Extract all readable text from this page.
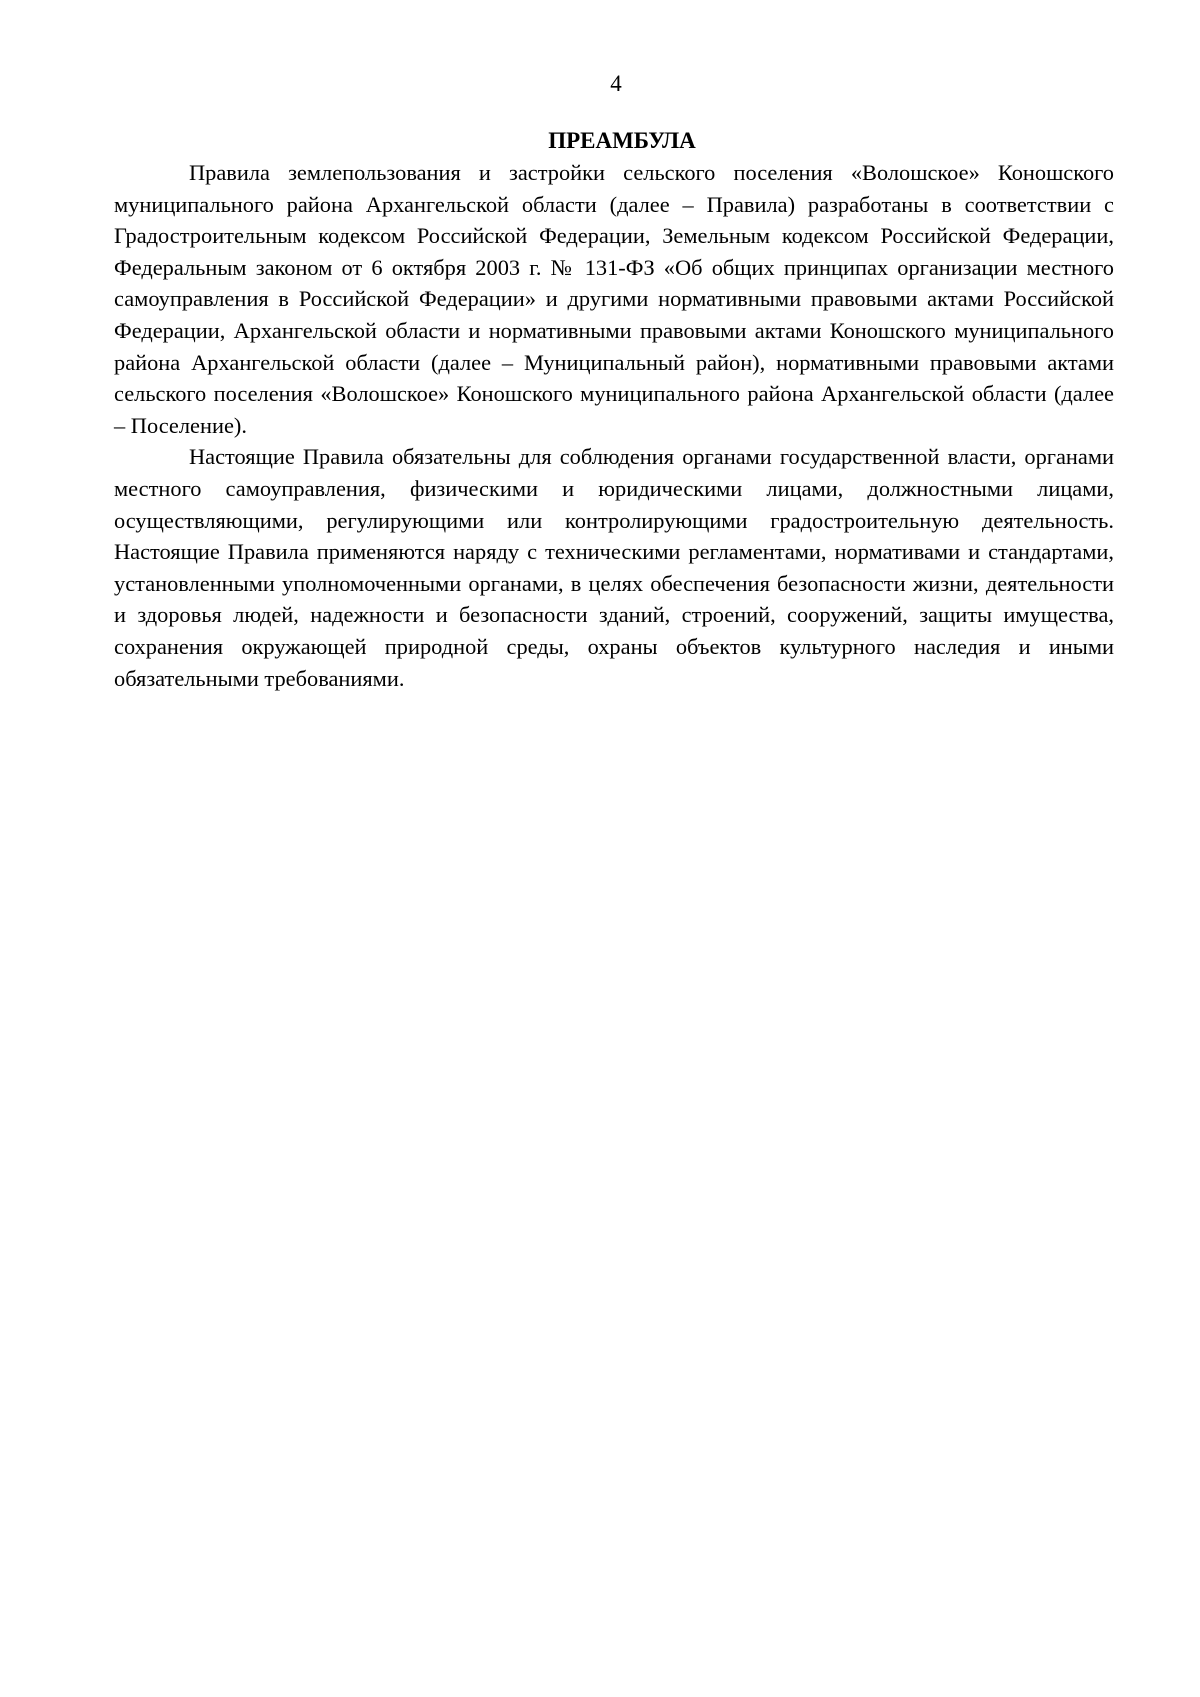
4
ПРЕАМБУЛА

Правила землепользования и застройки сельского поселения «Волошское» Коношского муниципального района Архангельской области (далее – Правила) разработаны в соответствии с Градостроительным кодексом Российской Федерации, Земельным кодексом Российской Федерации, Федеральным законом от 6 октября 2003 г. № 131-ФЗ «Об общих принципах организации местного самоуправления в Российской Федерации» и другими нормативными правовыми актами Российской Федерации, Архангельской области и нормативными правовыми актами Коношского муниципального района Архангельской области (далее – Муниципальный район), нормативными правовыми актами сельского поселения «Волошское» Коношского муниципального района Архангельской области (далее – Поселение).

Настоящие Правила обязательны для соблюдения органами государственной власти, органами местного самоуправления, физическими и юридическими лицами, должностными лицами, осуществляющими, регулирующими или контролирующими градостроительную деятельность. Настоящие Правила применяются наряду с техническими регламентами, нормативами и стандартами, установленными уполномоченными органами, в целях обеспечения безопасности жизни, деятельности и здоровья людей, надежности и безопасности зданий, строений, сооружений, защиты имущества, сохранения окружающей природной среды, охраны объектов культурного наследия и иными обязательными требованиями.
